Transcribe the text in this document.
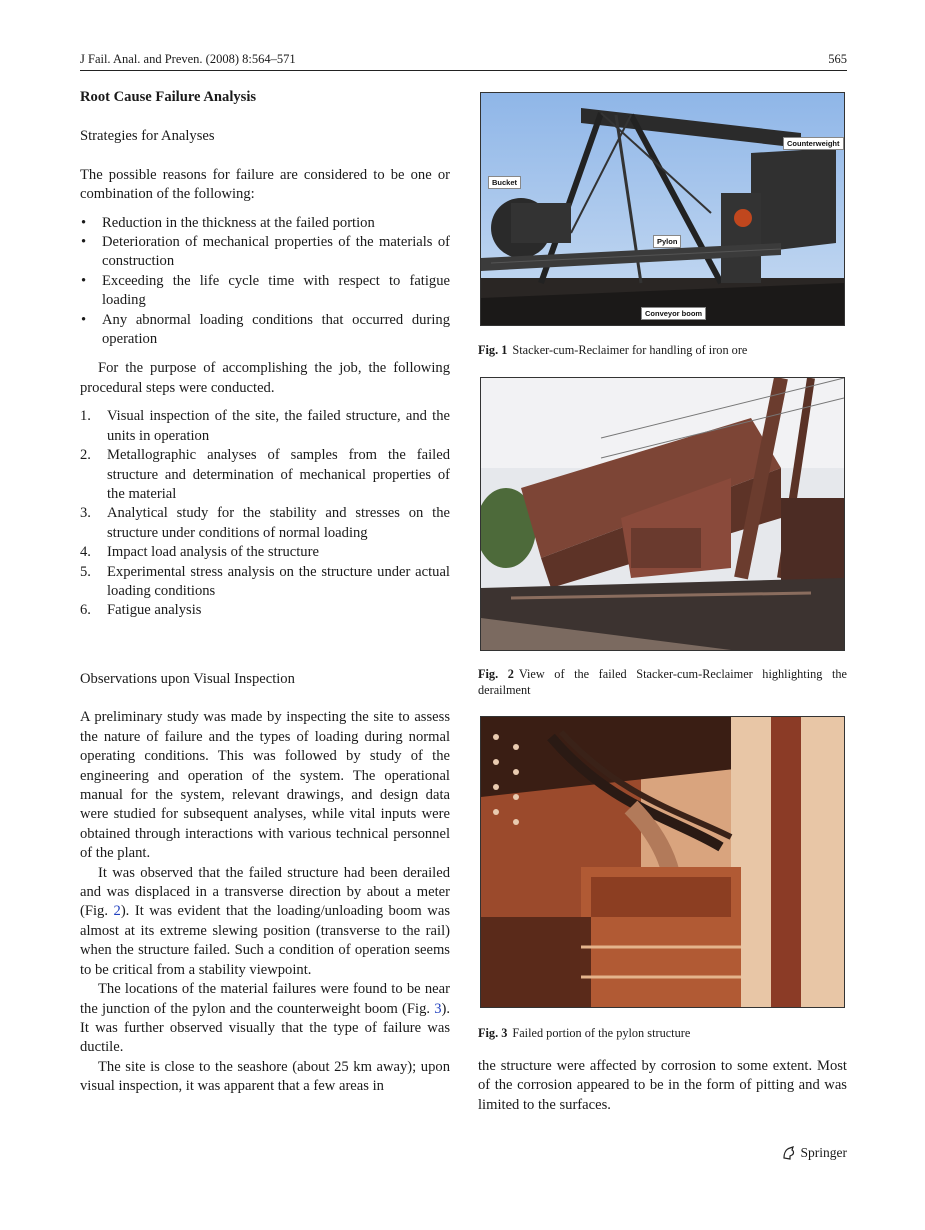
J Fail. Anal. and Preven. (2008) 8:564–571	565
Root Cause Failure Analysis
Strategies for Analyses

The possible reasons for failure are considered to be one or combination of the following:

• Reduction in the thickness at the failed portion
• Deterioration of mechanical properties of the materials of construction
• Exceeding the life cycle time with respect to fatigue loading
• Any abnormal loading conditions that occurred during operation

For the purpose of accomplishing the job, the following procedural steps were conducted.

1. Visual inspection of the site, the failed structure, and the units in operation
2. Metallographic analyses of samples from the failed structure and determination of mechanical properties of the material
3. Analytical study for the stability and stresses on the structure under conditions of normal loading
4. Impact load analysis of the structure
5. Experimental stress analysis on the structure under actual loading conditions
6. Fatigue analysis
Observations upon Visual Inspection

A preliminary study was made by inspecting the site to assess the nature of failure and the types of loading during normal operating conditions. This was followed by study of the engineering and operation of the system. The operational manual for the system, relevant drawings, and design data were studied for subsequent analyses, while vital inputs were obtained through interactions with various technical personnel of the plant.

It was observed that the failed structure had been derailed and was displaced in a transverse direction by about a meter (Fig. 2). It was evident that the loading/unloading boom was almost at its extreme slewing position (transverse to the rail) when the structure failed. Such a condition of operation seems to be critical from a stability viewpoint.

The locations of the material failures were found to be near the junction of the pylon and the counterweight boom (Fig. 3). It was further observed visually that the type of failure was ductile.

The site is close to the seashore (about 25 km away); upon visual inspection, it was apparent that a few areas in

Counterweight
Bucket
Pylon
Conveyor boom
Fig. 1 Stacker-cum-Reclaimer for handling of iron ore
Fig. 2 View of the failed Stacker-cum-Reclaimer highlighting the derailment
Fig. 3 Failed portion of the pylon structure

the structure were affected by corrosion to some extent. Most of the corrosion appeared to be in the form of pitting and was limited to the surfaces.

Springer
